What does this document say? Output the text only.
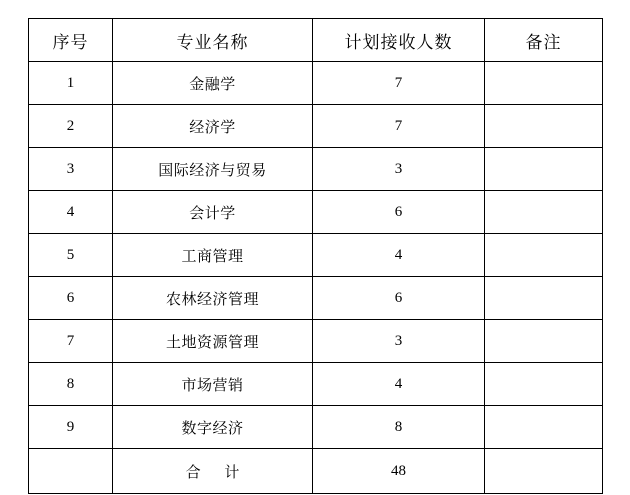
序号	专业名称	计划接收人数	备注
1	金融学	7	
2	经济学	7	
3	国际经济与贸易	3	
4	会计学	6	
5	工商管理	4	
6	农林经济管理	6	
7	土地资源管理	3	
8	市场营销	4	
9	数字经济	8	
	合 计	48	
